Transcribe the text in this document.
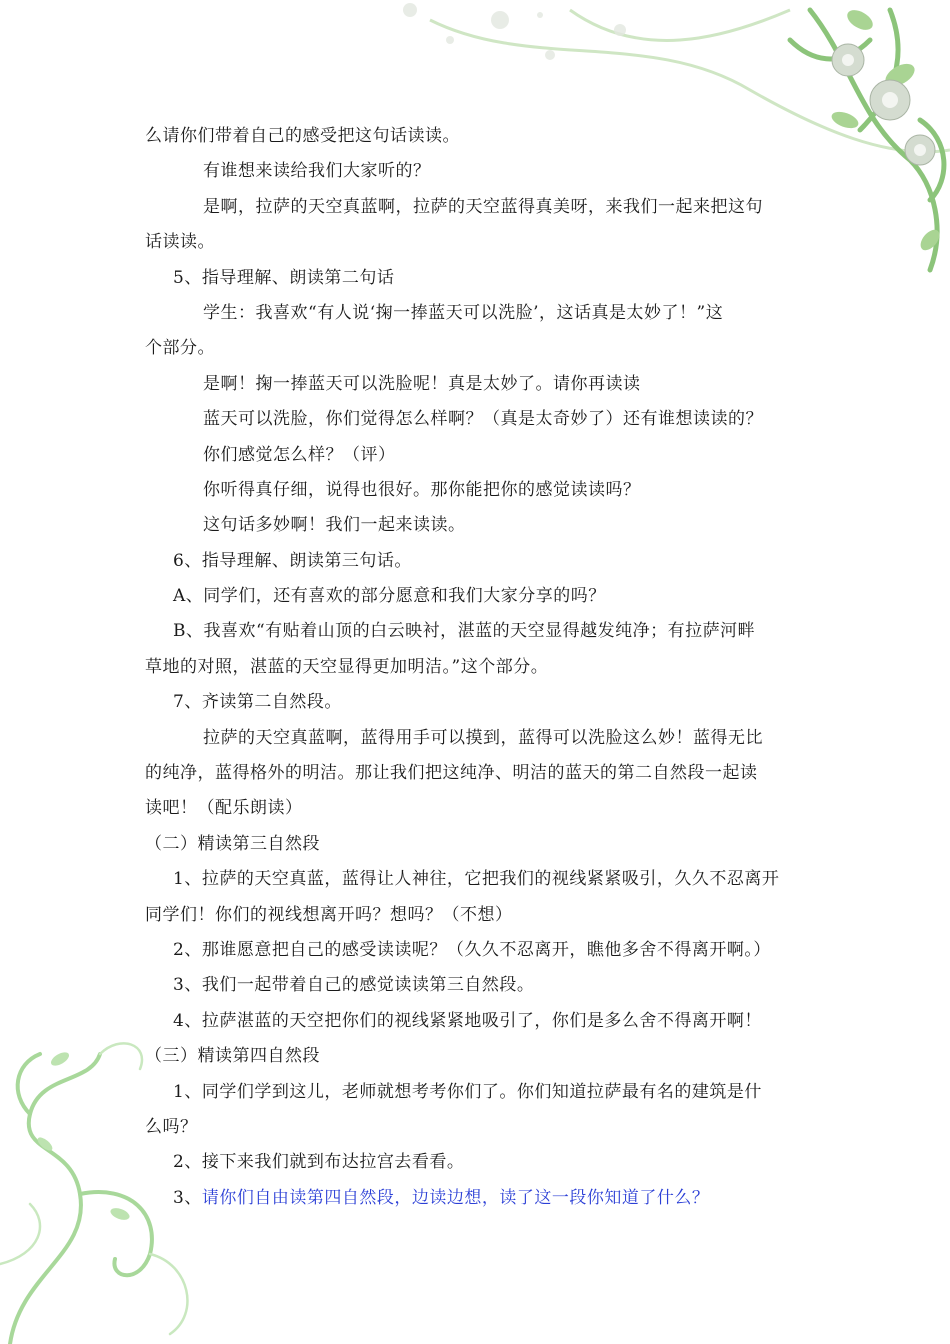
么请你们带着自己的感受把这句话读读。
有谁想来读给我们大家听的？
是啊，拉萨的天空真蓝啊，拉萨的天空蓝得真美呀，来我们一起来把这句
话读读。
5、指导理解、朗读第二句话
学生：我喜欢“有人说‘掬一捧蓝天可以洗脸’，这话真是太妙了！”这
个部分。
是啊！掬一捧蓝天可以洗脸呢！真是太妙了。请你再读读
蓝天可以洗脸，你们觉得怎么样啊？（真是太奇妙了）还有谁想读读的？
你们感觉怎么样？（评）
你听得真仔细，说得也很好。那你能把你的感觉读读吗？
这句话多妙啊！我们一起来读读。
6、指导理解、朗读第三句话。
A、同学们，还有喜欢的部分愿意和我们大家分享的吗？
B、我喜欢“有贴着山顶的白云映衬，湛蓝的天空显得越发纯净；有拉萨河畔
草地的对照，湛蓝的天空显得更加明洁。”这个部分。
7、齐读第二自然段。
拉萨的天空真蓝啊，蓝得用手可以摸到，蓝得可以洗脸这么妙！蓝得无比
的纯净，蓝得格外的明洁。那让我们把这纯净、明洁的蓝天的第二自然段一起读
读吧！（配乐朗读）
（二）精读第三自然段
1、拉萨的天空真蓝，蓝得让人神往，它把我们的视线紧紧吸引，久久不忍离开
同学们！你们的视线想离开吗？想吗？（不想）
2、那谁愿意把自己的感受读读呢？（久久不忍离开，瞧他多舍不得离开啊。）
3、我们一起带着自己的感觉读读第三自然段。
4、拉萨湛蓝的天空把你们的视线紧紧地吸引了，你们是多么舍不得离开啊！
（三）精读第四自然段
1、同学们学到这儿，老师就想考考你们了。你们知道拉萨最有名的建筑是什
么吗？
2、接下来我们就到布达拉宫去看看。
3、请你们自由读第四自然段，边读边想，读了这一段你知道了什么？
